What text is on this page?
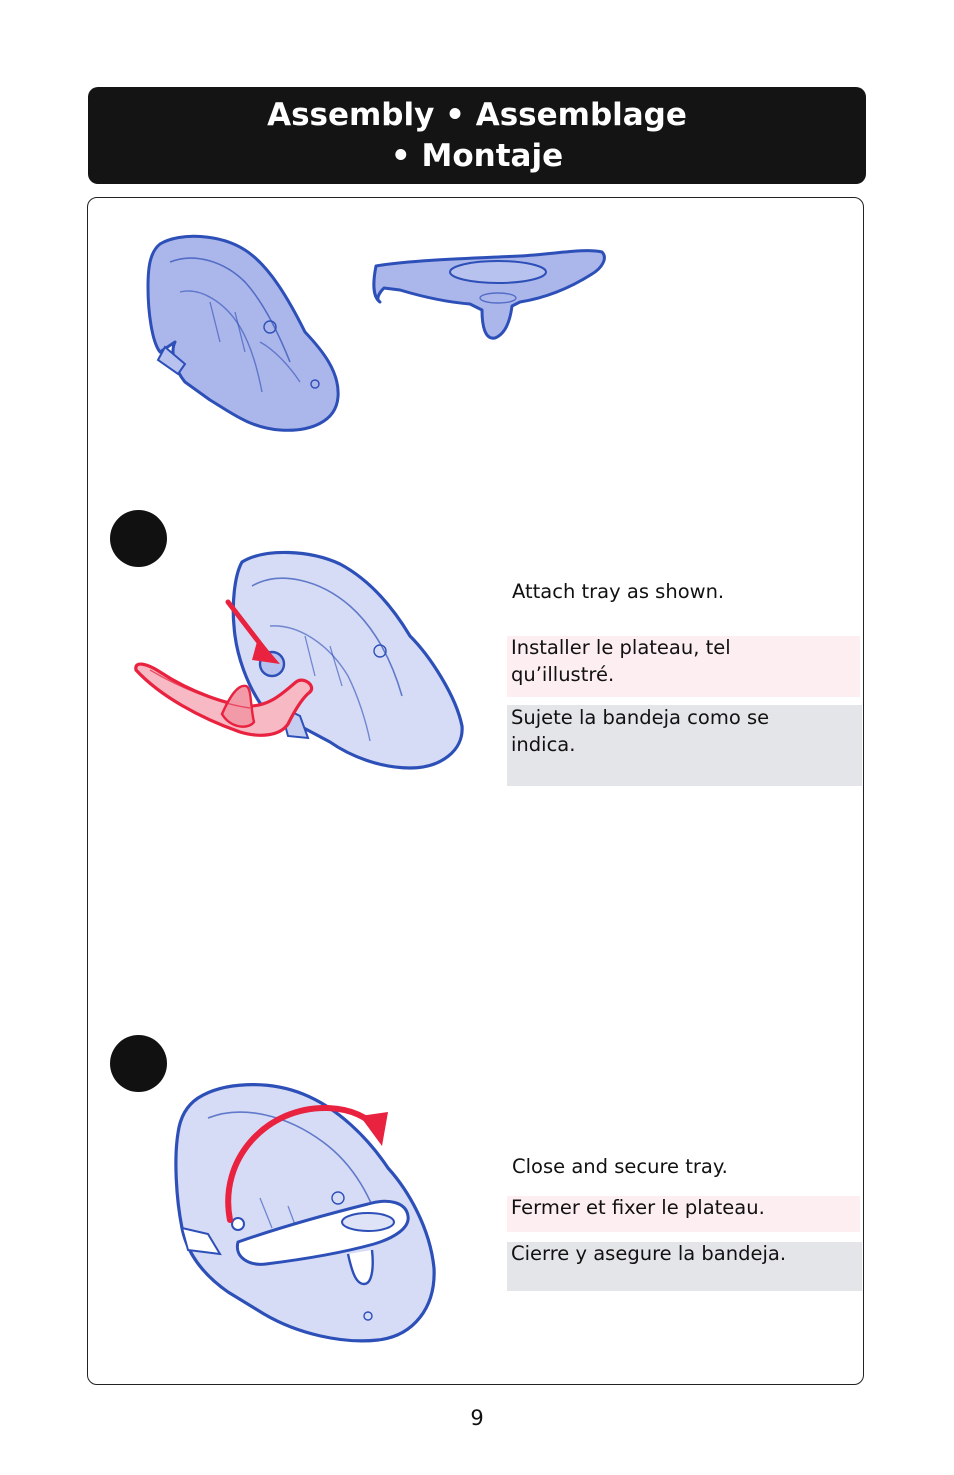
Assembly • Assemblage
• Montaje
Attach tray as shown.
Installer le plateau, tel qu’illustré.
Sujete la bandeja como se indica.
Close and secure tray.
Fermer et fixer le plateau.
Cierre y asegure la bandeja.
9
